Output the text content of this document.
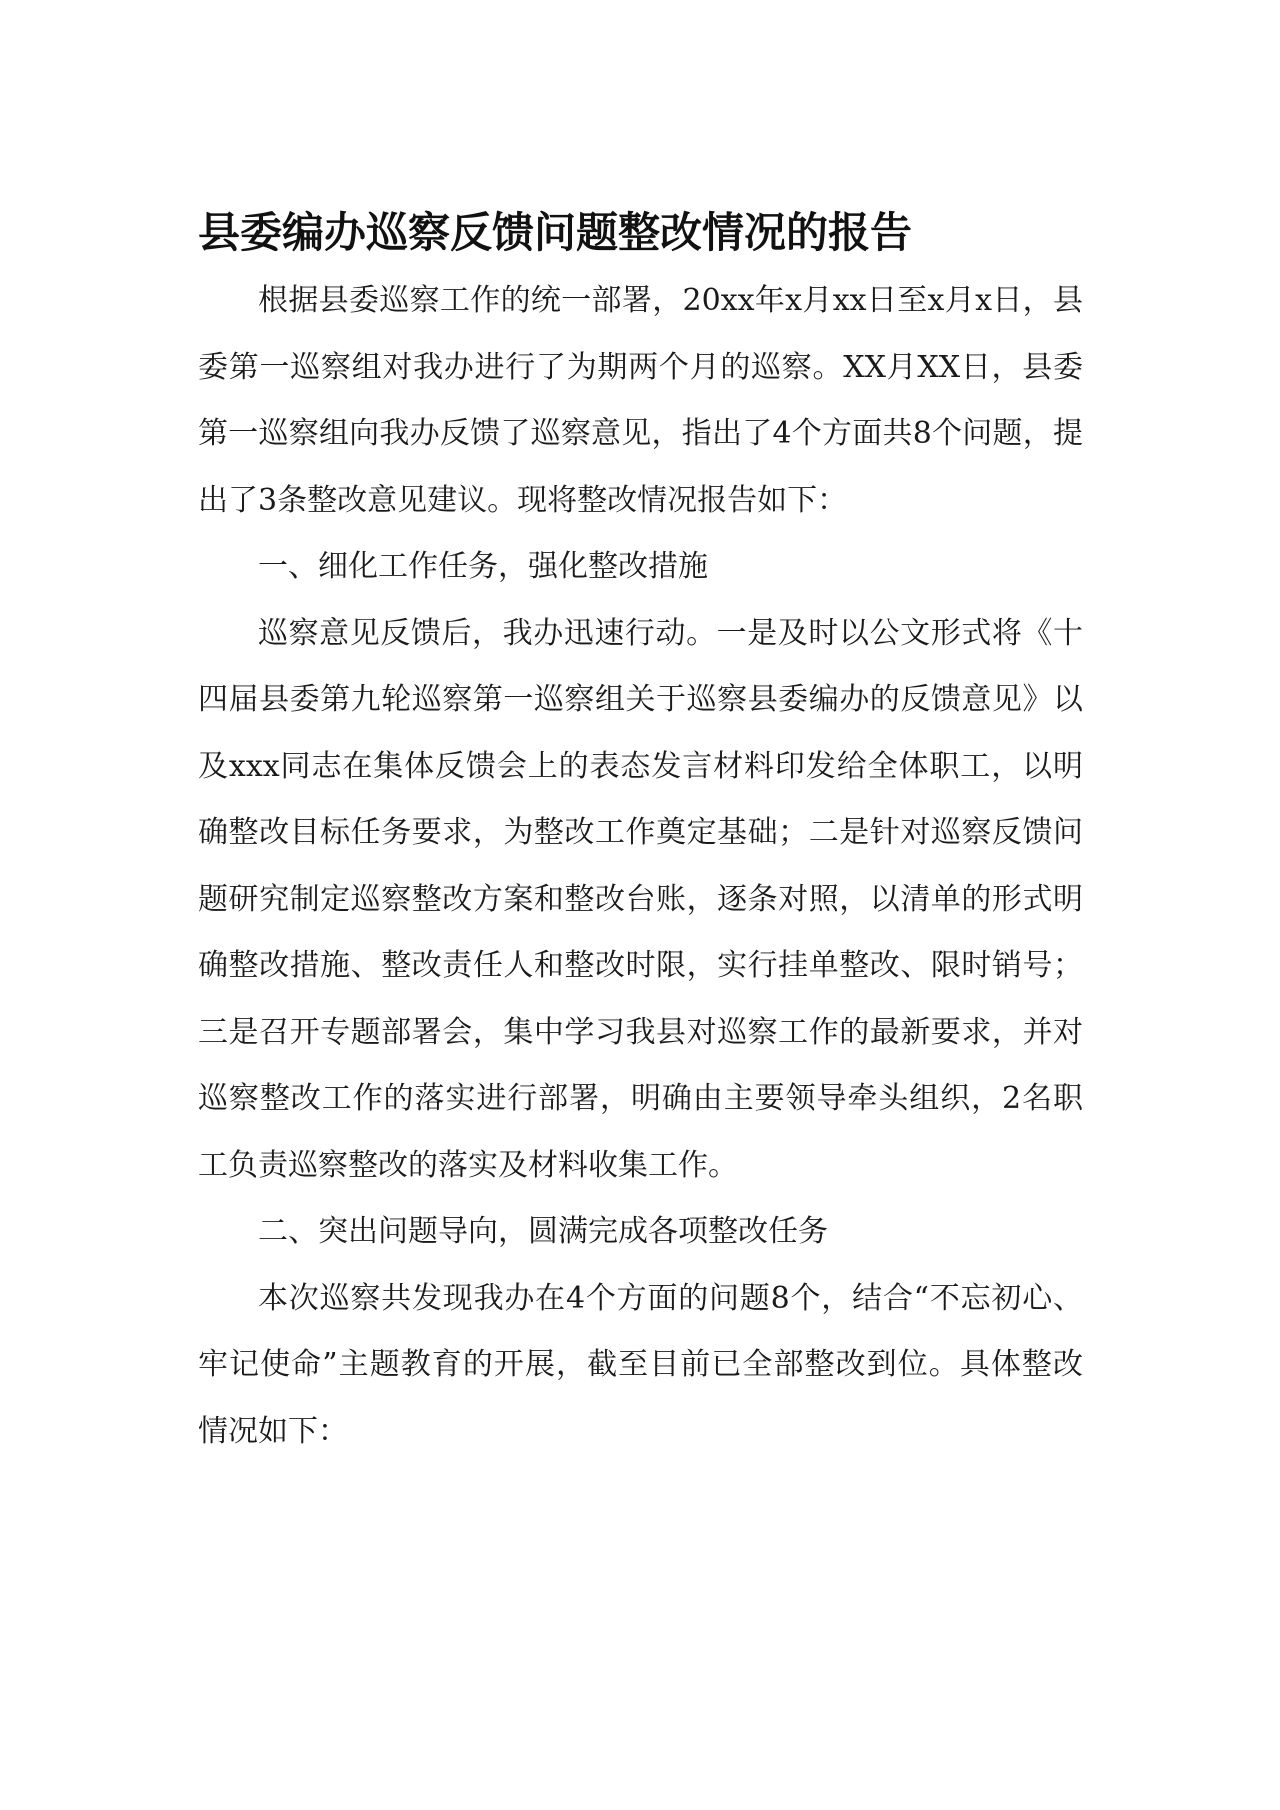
县委编办巡察反馈问题整改情况的报告

根据县委巡察工作的统一部署，20xx年x月xx日至x月x日，县委第一巡察组对我办进行了为期两个月的巡察。XX月XX日，县委第一巡察组向我办反馈了巡察意见，指出了4个方面共8个问题，提出了3条整改意见建议。现将整改情况报告如下：

一、细化工作任务，强化整改措施

巡察意见反馈后，我办迅速行动。一是及时以公文形式将《十四届县委第九轮巡察第一巡察组关于巡察县委编办的反馈意见》以及xxx同志在集体反馈会上的表态发言材料印发给全体职工，以明确整改目标任务要求，为整改工作奠定基础；二是针对巡察反馈问题研究制定巡察整改方案和整改台账，逐条对照，以清单的形式明确整改措施、整改责任人和整改时限，实行挂单整改、限时销号；三是召开专题部署会，集中学习我县对巡察工作的最新要求，并对巡察整改工作的落实进行部署，明确由主要领导牵头组织，2名职工负责巡察整改的落实及材料收集工作。

二、突出问题导向，圆满完成各项整改任务

本次巡察共发现我办在4个方面的问题8个，结合“不忘初心、牢记使命”主题教育的开展，截至目前已全部整改到位。具体整改情况如下：
